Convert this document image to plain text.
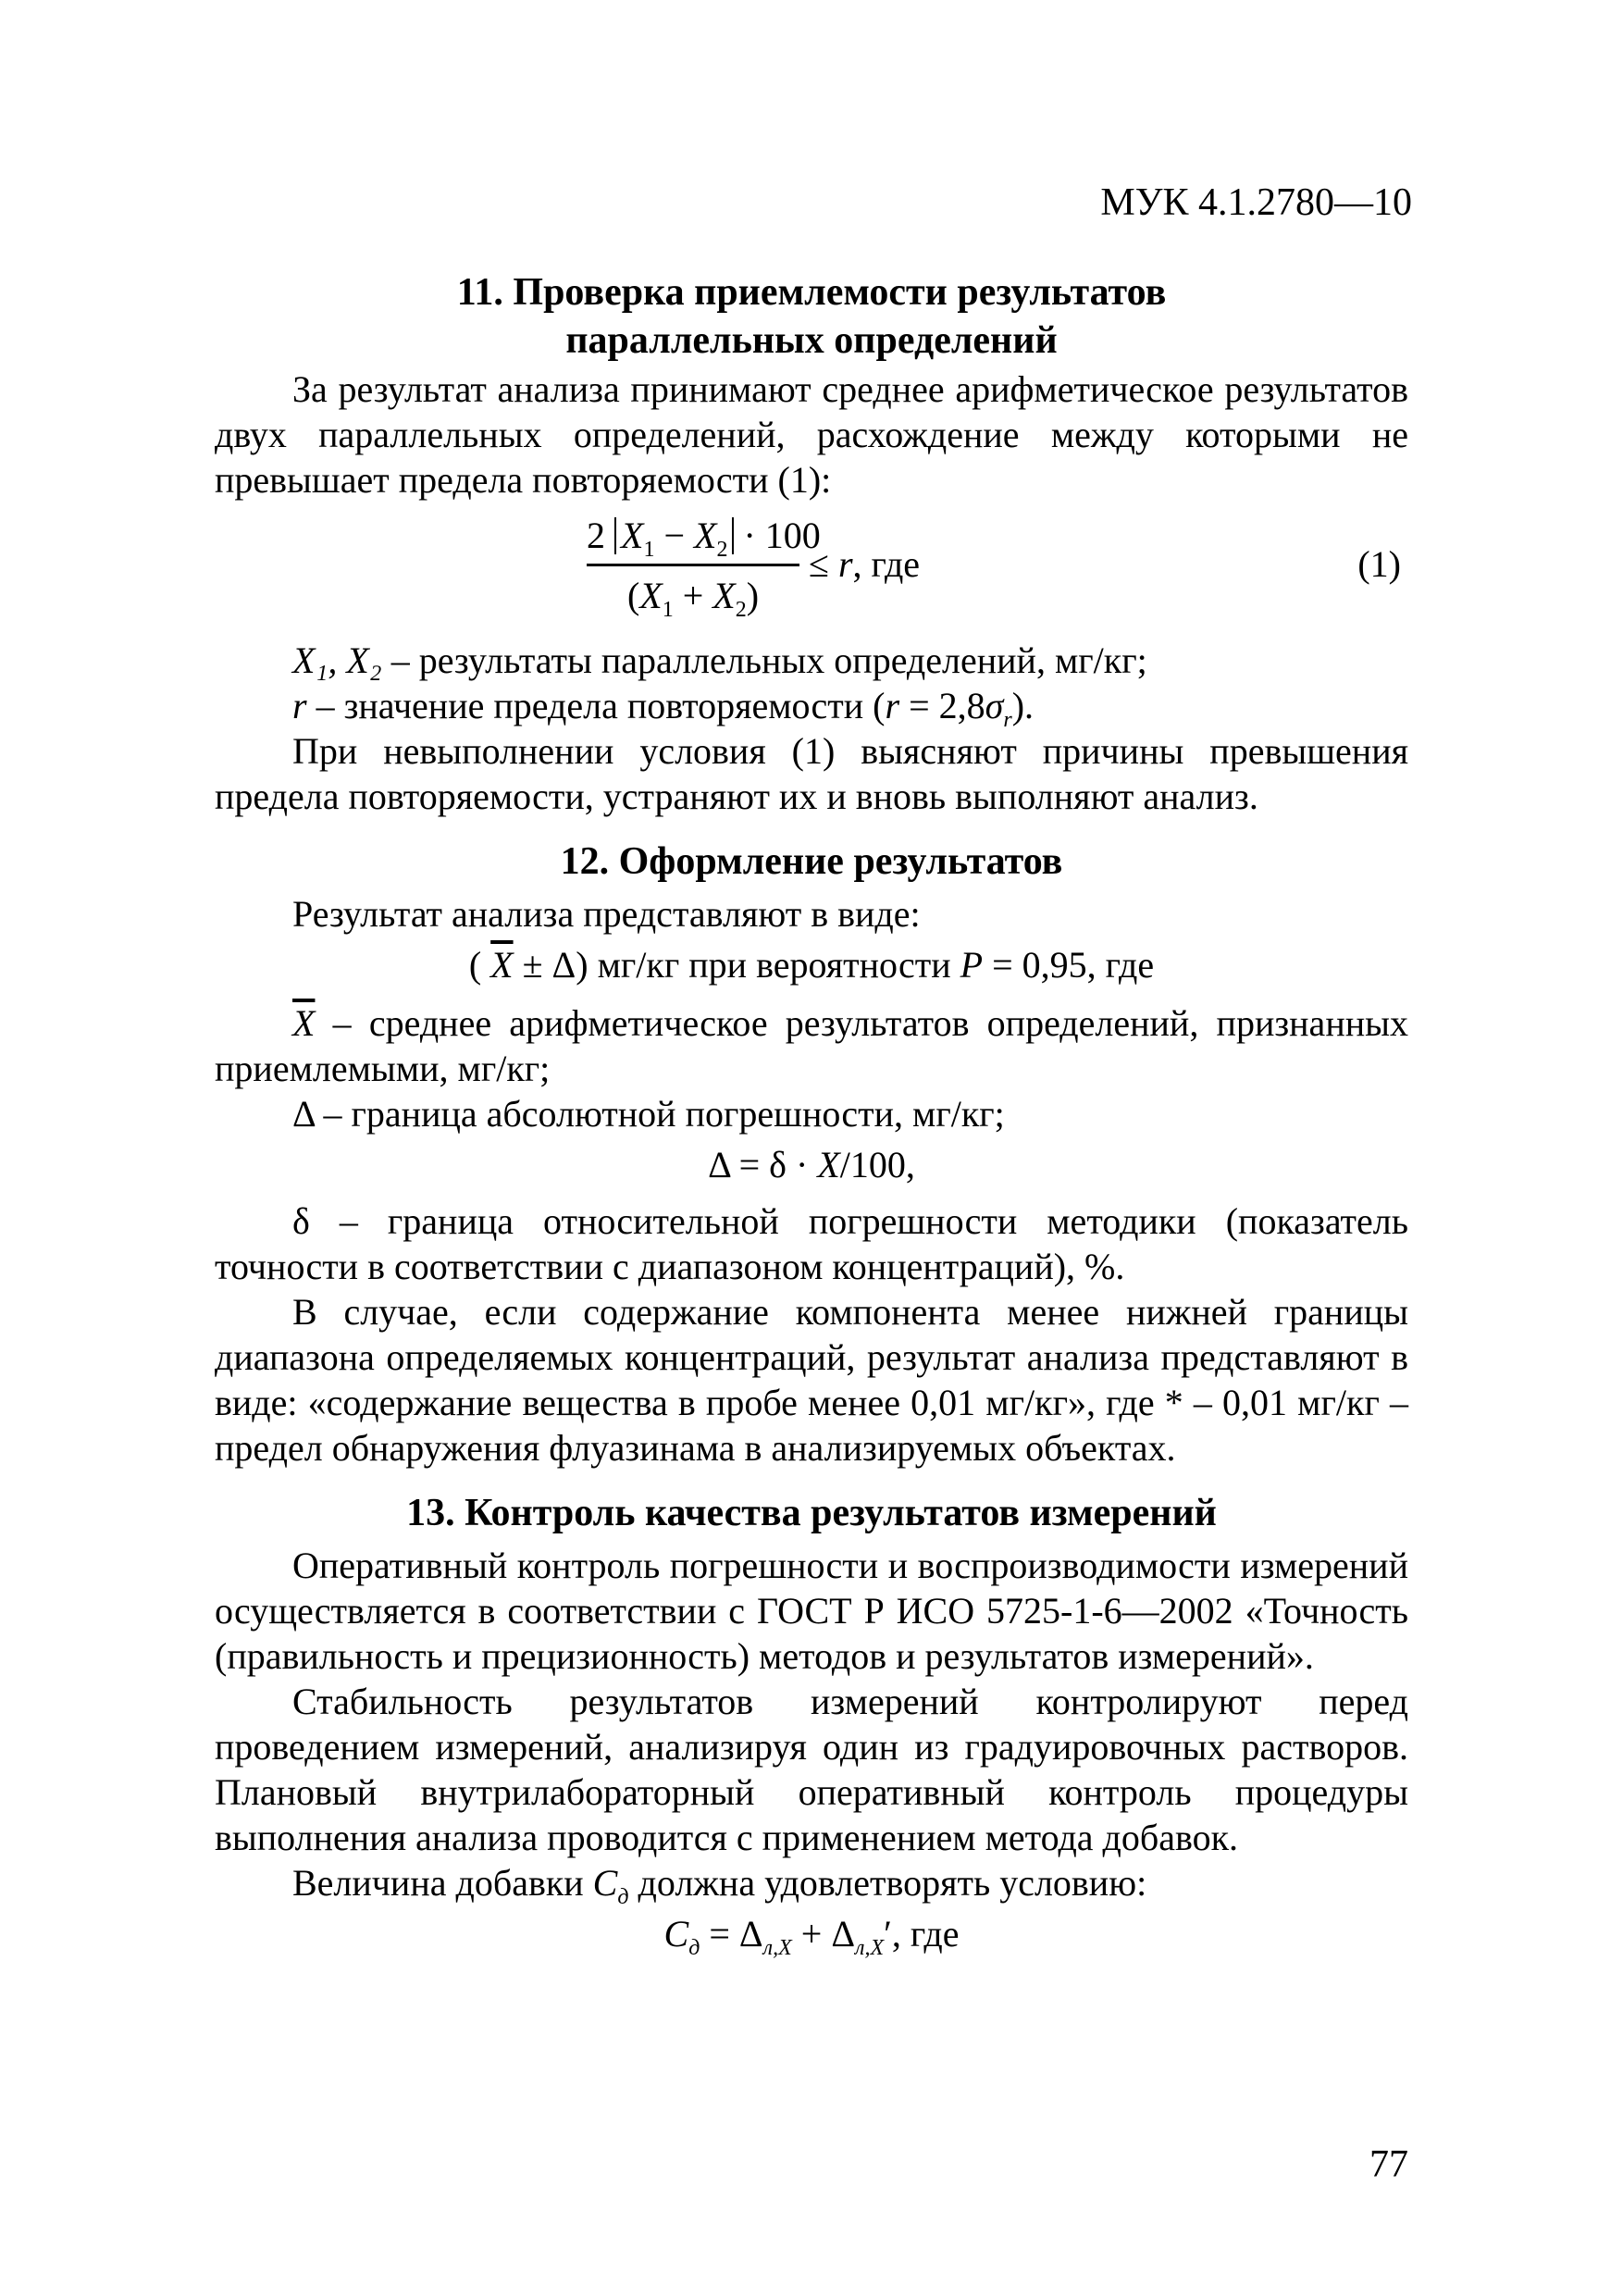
МУК 4.1.2780—10
11. Проверка приемлемости результатов
параллельных определений

За результат анализа принимают среднее арифметическое результатов двух параллельных определений, расхождение между которыми не превышает предела повторяемости (1):

2 $X_1 - X_2 \cdot 100$
$(X_1 + X_2)$
≤ r, где	(1)

X₁, X₂ – результаты параллельных определений, мг/кг;

r – значение предела повторяемости $(r = 2,8\sigma_r)$.

При невыполнении условия (1) выясняют причины превышения предела повторяемости, устраняют их и вновь выполняют анализ.

12. Оформление результатов

Результат анализа представляют в виде:

( $\overline{X} \pm \Delta$) мг/кг при вероятности P = 0,95, где

$\overline{X}$ – среднее арифметическое результатов определений, признанных приемлемыми, мг/кг;

Δ – граница абсолютной погрешности, мг/кг;

Δ = δ · X/100,

δ – граница относительной погрешности методики (показатель точности в соответствии с диапазоном концентраций), %.

В случае, если содержание компонента менее нижней границы диапазона определяемых концентраций, результат анализа представляют в виде: «содержание вещества в пробе менее 0,01 мг/кг», где * – 0,01 мг/кг – предел обнаружения флуазинама в анализируемых объектах.

13. Контроль качества результатов измерений

Оперативный контроль погрешности и воспроизводимости измерений осуществляется в соответствии с ГОСТ Р ИСО 5725-1-6—2002 «Точность (правильность и прецизионность) методов и результатов измерений».

Стабильность результатов измерений контролируют перед проведением измерений, анализируя один из градуировочных растворов. Плановый внутрилабораторный оперативный контроль процедуры выполнения анализа проводится с применением метода добавок.

Величина добавки $C_д$ должна удовлетворять условию:

$C_д = \Delta_{л,X} + \Delta_{л,X}'$, где

77
